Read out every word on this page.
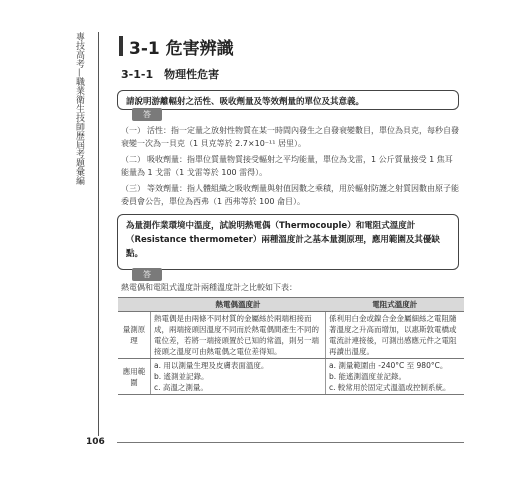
專技高考—職業衛生技師歷屆考題彙編	3-1 危害辨識
3-1-1　物理性危害
請說明游離輻射之活性、吸收劑量及等效劑量的單位及其意義。
答
（一） 活性：指一定量之放射性物質在某一時間內發生之自發衰變數目，單位為貝克，每秒自發衰變一次為一貝克（1 貝克等於 2.7×10⁻¹¹ 居里）。
（二） 吸收劑量：指單位質量物質接受輻射之平均能量，單位為戈雷，1 公斤質量接受 1 焦耳能量為 1 戈雷（1 戈雷等於 100 雷得）。
（三） 等效劑量：指人體組織之吸收劑量與射值因數之乘積，用於輻射防護之射質因數由原子能委員會公告，單位為西弗（1 西弗等於 100 侖目）。
為量測作業環境中溫度，試說明熱電偶（Thermocouple）和電阻式溫度計（Resistance thermometer）兩種溫度計之基本量測原理，應用範圍及其優缺點。
答
熱電偶和電阻式溫度計兩種溫度計之比較如下表：
	熱電偶溫度計	電阻式溫度計
量測原理	熱電偶是由兩條不同材質的金屬絲於兩端相接而成，兩端接頭因溫度不同而於熱電偶間產生不同的電位差，若將一端接頭置於已知的常溫，則另一端接頭之溫度可由熱電偶之電位差得知。	係利用白金或鎳合金金屬細絲之電阻隨著溫度之升高而增加，以惠斯敦電橋或電流計連接後，可測出感應元件之電阻再讀出溫度。
應用範圍	a. 用以測量生理及皮膚表面溫度。
b. 遙測並記錄。
c. 高溫之測量。	a. 測量範圍由 -240°C 至 980°C。
b. 能遙測溫度並記錄。
c. 較常用於固定式溫溫或控制系統。
106
